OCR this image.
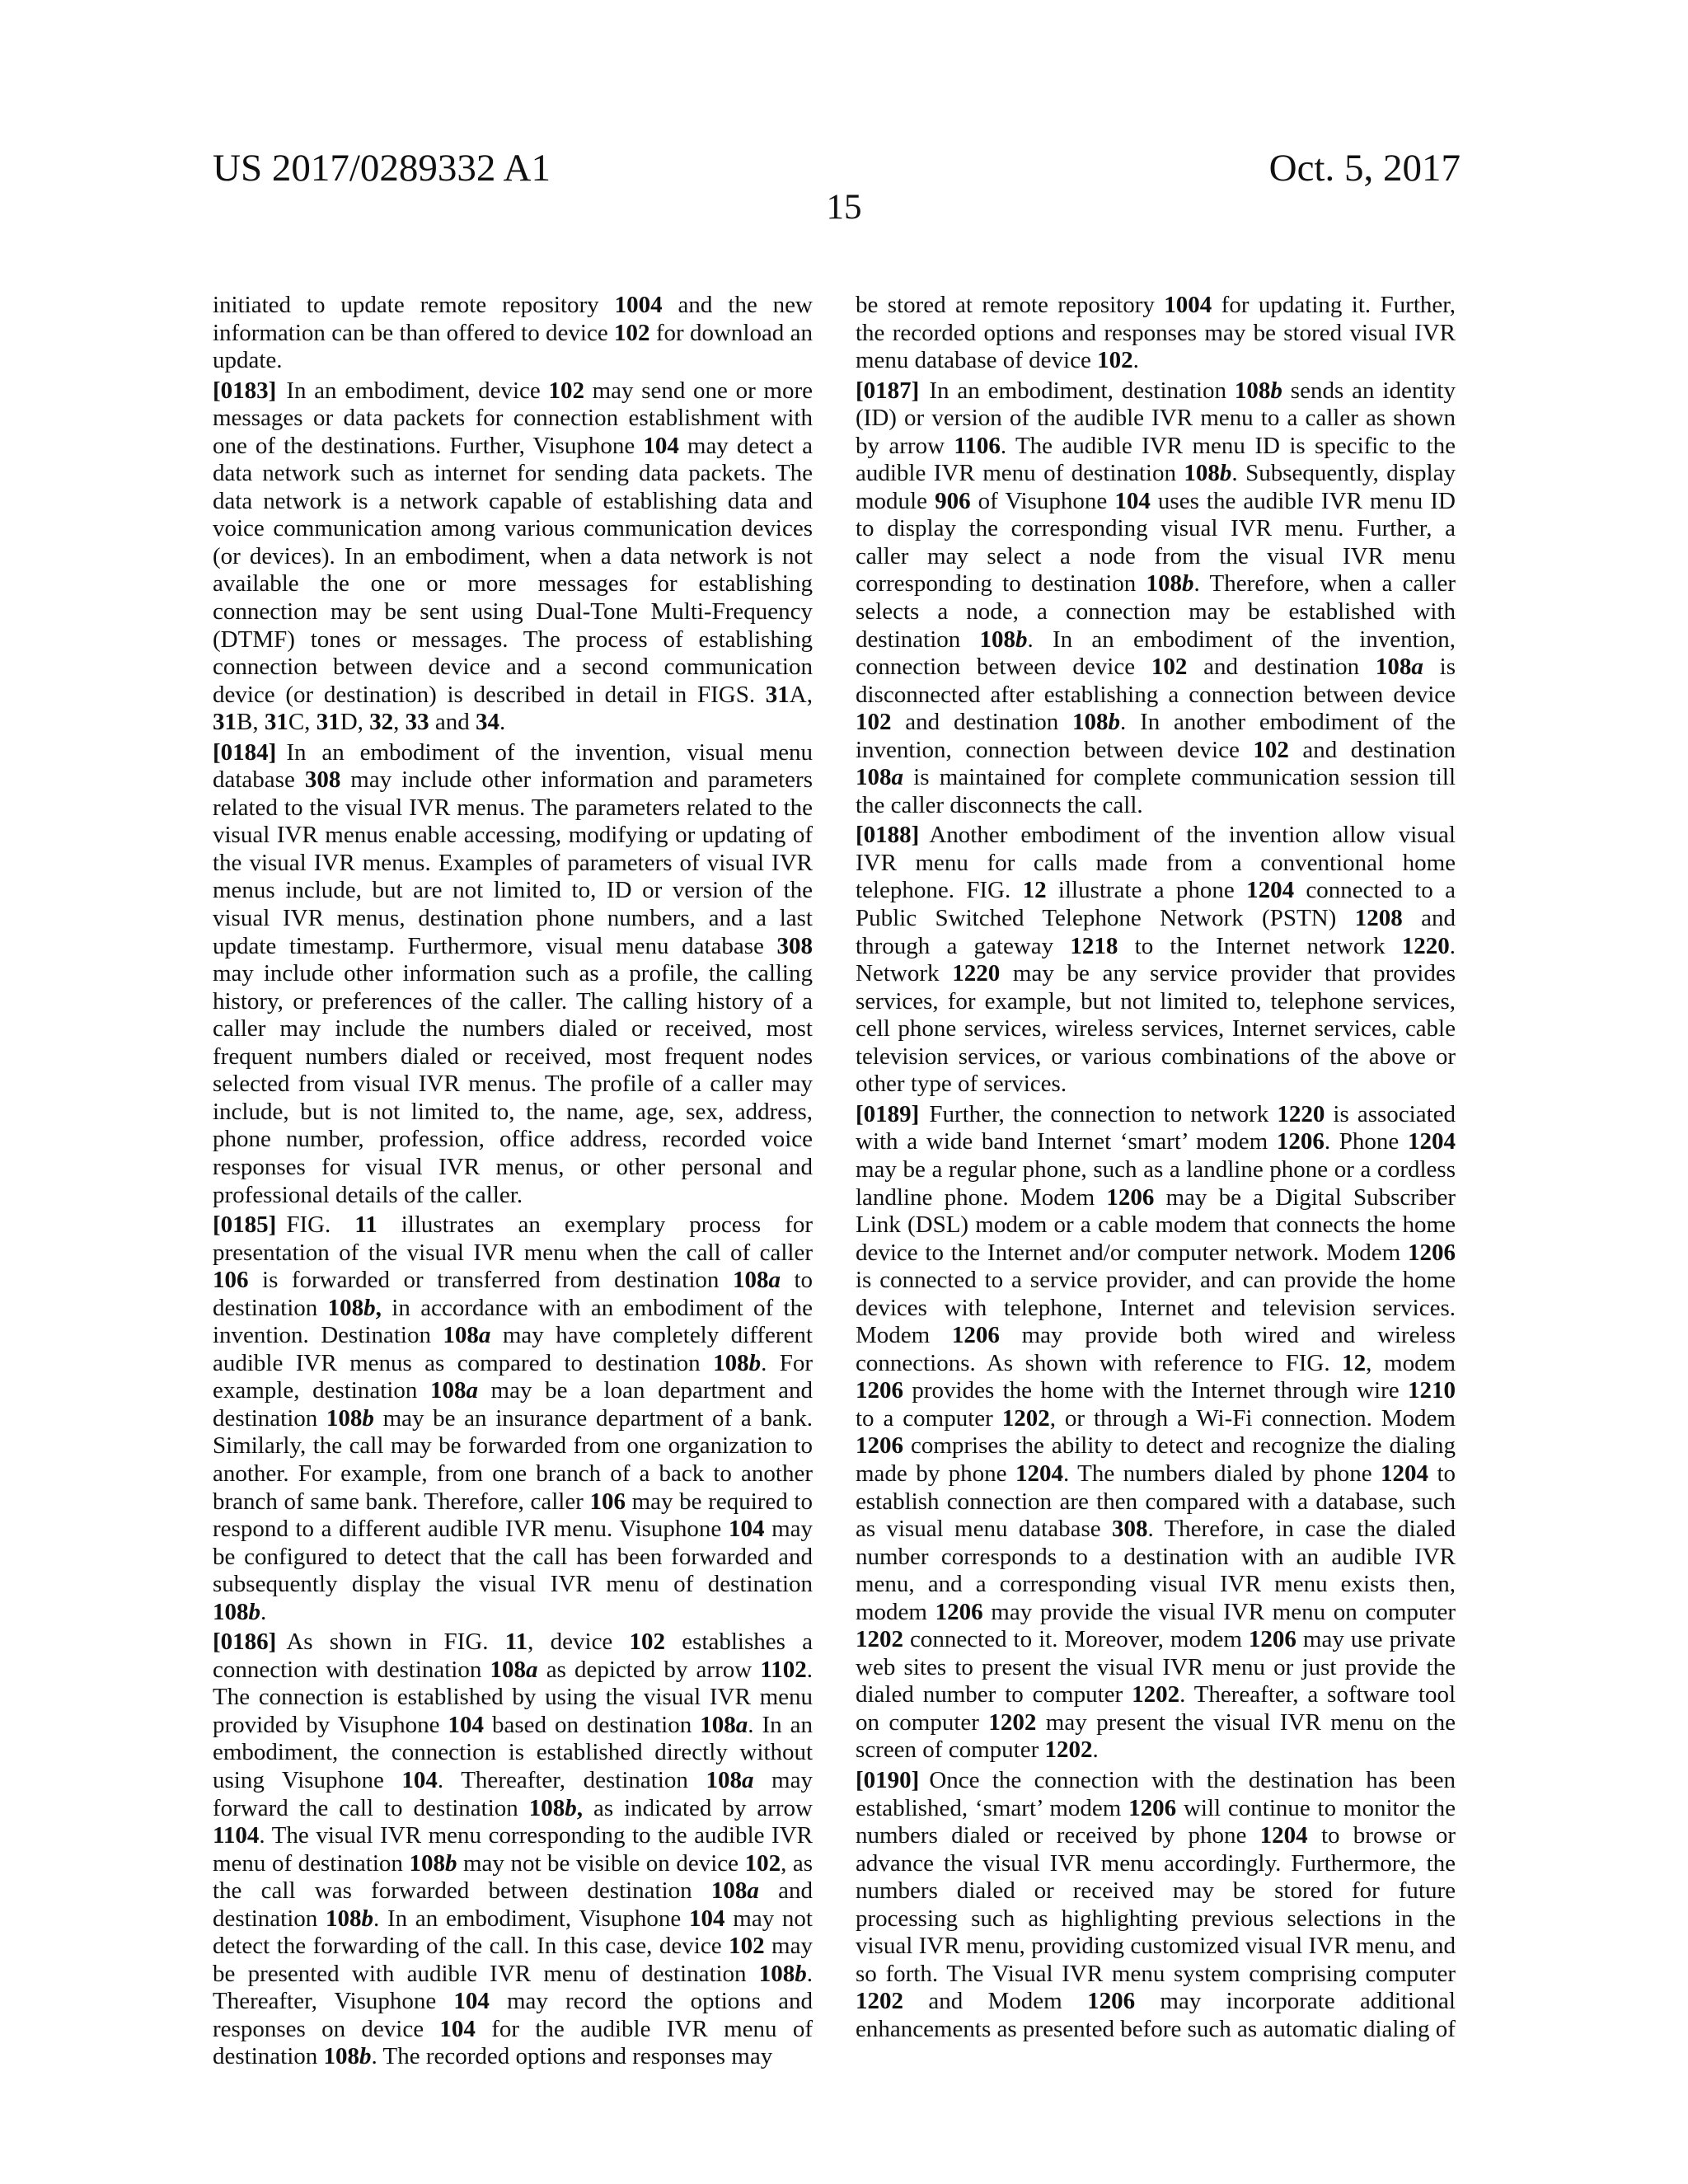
US 2017/0289332 A1	Oct. 5, 2017
15

initiated to update remote repository 1004 and the new information can be than offered to device 102 for download an update.

[0183] In an embodiment, device 102 may send one or more messages or data packets for connection establishment with one of the destinations. Further, Visuphone 104 may detect a data network such as internet for sending data packets. The data network is a network capable of establishing data and voice communication among various communication devices (or devices). In an embodiment, when a data network is not available the one or more messages for establishing connection may be sent using Dual-Tone Multi-Frequency (DTMF) tones or messages. The process of establishing connection between device and a second communication device (or destination) is described in detail in FIGS. 31A, 31B, 31C, 31D, 32, 33 and 34.

[0184] In an embodiment of the invention, visual menu database 308 may include other information and parameters related to the visual IVR menus. The parameters related to the visual IVR menus enable accessing, modifying or updating of the visual IVR menus. Examples of parameters of visual IVR menus include, but are not limited to, ID or version of the visual IVR menus, destination phone numbers, and a last update timestamp. Furthermore, visual menu database 308 may include other information such as a profile, the calling history, or preferences of the caller. The calling history of a caller may include the numbers dialed or received, most frequent numbers dialed or received, most frequent nodes selected from visual IVR menus. The profile of a caller may include, but is not limited to, the name, age, sex, address, phone number, profession, office address, recorded voice responses for visual IVR menus, or other personal and professional details of the caller.

[0185] FIG. 11 illustrates an exemplary process for presentation of the visual IVR menu when the call of caller 106 is forwarded or transferred from destination 108a to destination 108b, in accordance with an embodiment of the invention. Destination 108a may have completely different audible IVR menus as compared to destination 108b. For example, destination 108a may be a loan department and destination 108b may be an insurance department of a bank. Similarly, the call may be forwarded from one organization to another. For example, from one branch of a back to another branch of same bank. Therefore, caller 106 may be required to respond to a different audible IVR menu. Visuphone 104 may be configured to detect that the call has been forwarded and subsequently display the visual IVR menu of destination 108b.

[0186] As shown in FIG. 11, device 102 establishes a connection with destination 108a as depicted by arrow 1102. The connection is established by using the visual IVR menu provided by Visuphone 104 based on destination 108a. In an embodiment, the connection is established directly without using Visuphone 104. Thereafter, destination 108a may forward the call to destination 108b, as indicated by arrow 1104. The visual IVR menu corresponding to the audible IVR menu of destination 108b may not be visible on device 102, as the call was forwarded between destination 108a and destination 108b. In an embodiment, Visuphone 104 may not detect the forwarding of the call. In this case, device 102 may be presented with audible IVR menu of destination 108b. Thereafter, Visuphone 104 may record the options and responses on device 104 for the audible IVR menu of destination 108b. The recorded options and responses may

be stored at remote repository 1004 for updating it. Further, the recorded options and responses may be stored visual IVR menu database of device 102.

[0187] In an embodiment, destination 108b sends an identity (ID) or version of the audible IVR menu to a caller as shown by arrow 1106. The audible IVR menu ID is specific to the audible IVR menu of destination 108b. Subsequently, display module 906 of Visuphone 104 uses the audible IVR menu ID to display the corresponding visual IVR menu. Further, a caller may select a node from the visual IVR menu corresponding to destination 108b. Therefore, when a caller selects a node, a connection may be established with destination 108b. In an embodiment of the invention, connection between device 102 and destination 108a is disconnected after establishing a connection between device 102 and destination 108b. In another embodiment of the invention, connection between device 102 and destination 108a is maintained for complete communication session till the caller disconnects the call.

[0188] Another embodiment of the invention allow visual IVR menu for calls made from a conventional home telephone. FIG. 12 illustrate a phone 1204 connected to a Public Switched Telephone Network (PSTN) 1208 and through a gateway 1218 to the Internet network 1220. Network 1220 may be any service provider that provides services, for example, but not limited to, telephone services, cell phone services, wireless services, Internet services, cable television services, or various combinations of the above or other type of services.

[0189] Further, the connection to network 1220 is associated with a wide band Internet ‘smart’ modem 1206. Phone 1204 may be a regular phone, such as a landline phone or a cordless landline phone. Modem 1206 may be a Digital Subscriber Link (DSL) modem or a cable modem that connects the home device to the Internet and/or computer network. Modem 1206 is connected to a service provider, and can provide the home devices with telephone, Internet and television services. Modem 1206 may provide both wired and wireless connections. As shown with reference to FIG. 12, modem 1206 provides the home with the Internet through wire 1210 to a computer 1202, or through a Wi-Fi connection. Modem 1206 comprises the ability to detect and recognize the dialing made by phone 1204. The numbers dialed by phone 1204 to establish connection are then compared with a database, such as visual menu database 308. Therefore, in case the dialed number corresponds to a destination with an audible IVR menu, and a corresponding visual IVR menu exists then, modem 1206 may provide the visual IVR menu on computer 1202 connected to it. Moreover, modem 1206 may use private web sites to present the visual IVR menu or just provide the dialed number to computer 1202. Thereafter, a software tool on computer 1202 may present the visual IVR menu on the screen of computer 1202.

[0190] Once the connection with the destination has been established, ‘smart’ modem 1206 will continue to monitor the numbers dialed or received by phone 1204 to browse or advance the visual IVR menu accordingly. Furthermore, the numbers dialed or received may be stored for future processing such as highlighting previous selections in the visual IVR menu, providing customized visual IVR menu, and so forth. The Visual IVR menu system comprising computer 1202 and Modem 1206 may incorporate additional enhancements as presented before such as automatic dialing of
